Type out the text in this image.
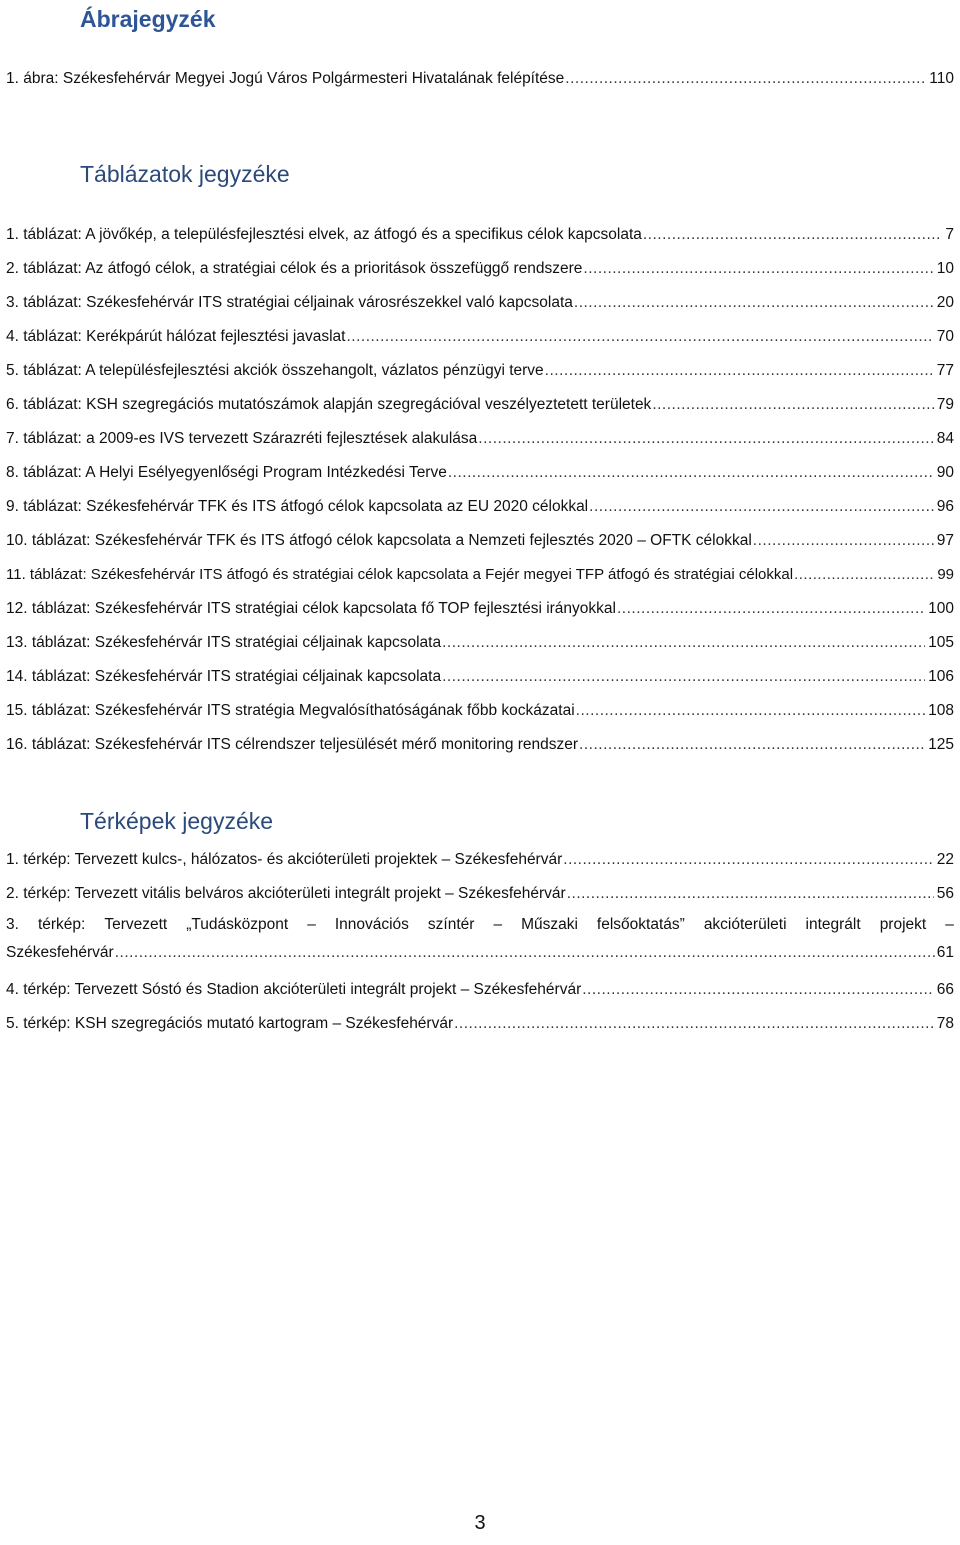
Ábrajegyzék
1. ábra: Székesfehérvár Megyei Jogú Város Polgármesteri Hivatalának felépítése .....	110
Táblázatok jegyzéke
1. táblázat: A jövőkép, a településfejlesztési elvek, az átfogó és a specifikus célok kapcsolata .....	7
2. táblázat: Az átfogó célok, a stratégiai célok és a prioritások összefüggő rendszere .....	10
3. táblázat: Székesfehérvár ITS stratégiai céljainak városrészekkel való kapcsolata .....	20
4. táblázat: Kerékpárút hálózat fejlesztési javaslat .....	70
5. táblázat: A településfejlesztési akciók összehangolt, vázlatos pénzügyi terve .....	77
6. táblázat: KSH szegregációs mutatószámok alapján szegregációval veszélyeztetett területek .....	79
7. táblázat: a 2009-es IVS tervezett Szárazréti fejlesztések alakulása .....	84
8. táblázat: A Helyi Esélyegyenlőségi Program Intézkedési Terve .....	90
9. táblázat: Székesfehérvár TFK és ITS átfogó célok kapcsolata az EU 2020 célokkal .....	96
10. táblázat: Székesfehérvár TFK és ITS átfogó célok kapcsolata a Nemzeti fejlesztés 2020 – OFTK célokkal .....	97
11. táblázat: Székesfehérvár ITS átfogó és stratégiai célok kapcsolata a Fejér megyei TFP átfogó és stratégiai célokkal .....	99
12. táblázat: Székesfehérvár ITS stratégiai célok kapcsolata fő TOP fejlesztési irányokkal .....	100
13. táblázat: Székesfehérvár ITS stratégiai céljainak kapcsolata .....	105
14. táblázat: Székesfehérvár ITS stratégiai céljainak kapcsolata .....	106
15. táblázat: Székesfehérvár ITS stratégia Megvalósíthatóságának főbb kockázatai .....	108
16. táblázat: Székesfehérvár ITS célrendszer teljesülését mérő monitoring rendszer .....	125
Térképek jegyzéke
1. térkép: Tervezett kulcs-, hálózatos- és akcióterületi projektek – Székesfehérvár .....	22
2. térkép: Tervezett vitális belváros akcióterületi integrált projekt – Székesfehérvár .....	56
3. térkép: Tervezett „Tudásközpont – Innovációs színtér – Műszaki felsőoktatás” akcióterületi integrált projekt –
Székesfehérvár .....	61
4. térkép: Tervezett Sóstó és Stadion akcióterületi integrált projekt – Székesfehérvár .....	66
5. térkép: KSH szegregációs mutató kartogram – Székesfehérvár .....	78
3
